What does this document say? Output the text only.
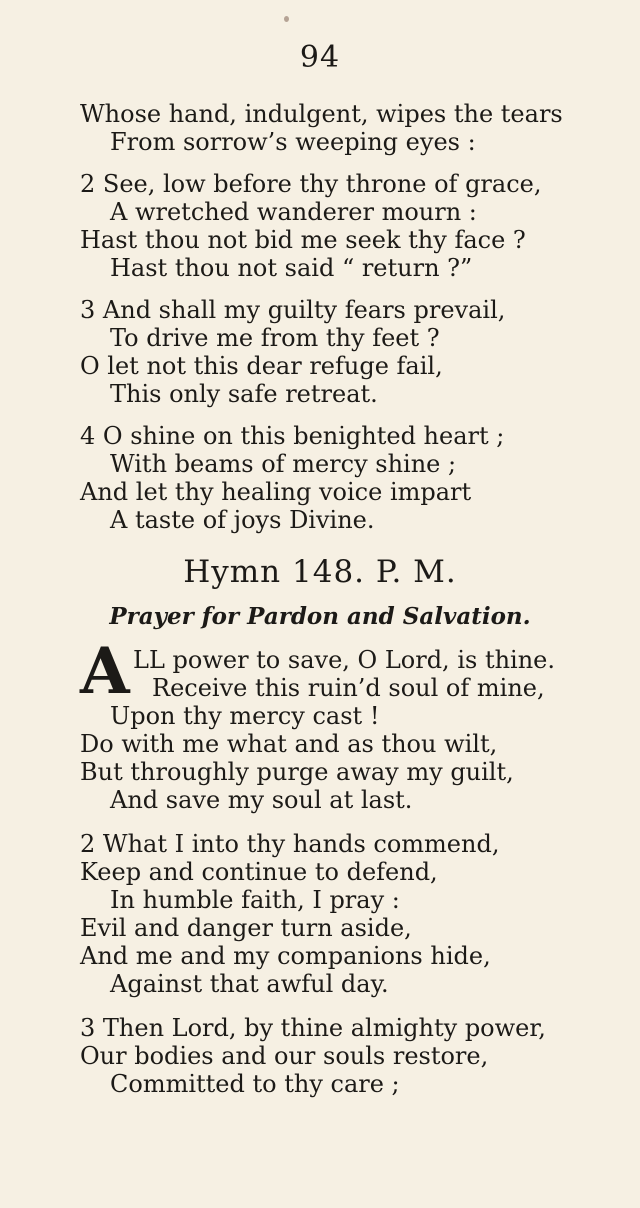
94
Whose hand, indulgent, wipes the tears
From sorrow’s weeping eyes :
2 See, low before thy throne of grace,
A wretched wanderer mourn :
Hast thou not bid me seek thy face ?
Hast thou not said “ return ?”
3 And shall my guilty fears prevail,
To drive me from thy feet ?
O let not this dear refuge fail,
This only safe retreat.
4 O shine on this benighted heart ;
With beams of mercy shine ;
And let thy healing voice impart
A taste of joys Divine.
Hymn 148. P. M.
Prayer for Pardon and Salvation.
A LL power to save, O Lord, is thine.
Receive this ruin’d soul of mine,
Upon thy mercy cast !
Do with me what and as thou wilt,
But throughly purge away my guilt,
And save my soul at last.
2 What I into thy hands commend,
Keep and continue to defend,
In humble faith, I pray :
Evil and danger turn aside,
And me and my companions hide,
Against that awful day.
3 Then Lord, by thine almighty power,
Our bodies and our souls restore,
Committed to thy care ;
